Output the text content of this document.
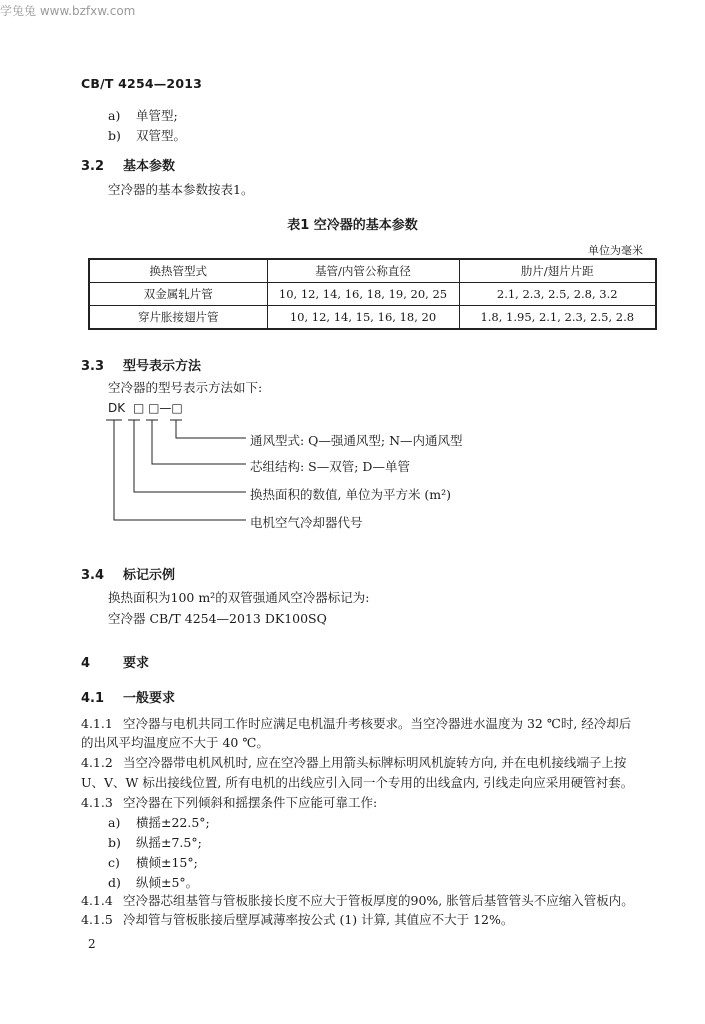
学兔兔 www.bzfxw.com
CB/T 4254—2013
a) 单管型;
b) 双管型。
3.2 基本参数
空冷器的基本参数按表1。
表1 空冷器的基本参数
单位为毫米
换热管型式	基管/内管公称直径	肋片/翅片片距
双金属轧片管	10, 12, 14, 16, 18, 19, 20, 25	2.1, 2.3, 2.5, 2.8, 3.2
穿片胀接翅片管	10, 12, 14, 15, 16, 18, 20	1.8, 1.95, 2.1, 2.3, 2.5, 2.8
3.3 型号表示方法
空冷器的型号表示方法如下:
DK □ □—□
通风型式: Q—强通风型; N—内通风型
芯组结构: S—双管; D—单管
换热面积的数值, 单位为平方米 (m²)
电机空气冷却器代号
3.4 标记示例
换热面积为100 m²的双管强通风空冷器标记为:
空冷器 CB/T 4254—2013 DK100SQ
4	要求
4.1 一般要求
4.1.1 空冷器与电机共同工作时应满足电机温升考核要求。当空冷器进水温度为 32 ℃时, 经冷却后
的出风平均温度应不大于 40 ℃。
4.1.2 当空冷器带电机风机时, 应在空冷器上用箭头标牌标明风机旋转方向, 并在电机接线端子上按
U、V、W 标出接线位置, 所有电机的出线应引入同一个专用的出线盒内, 引线走向应采用硬管衬套。
4.1.3 空冷器在下列倾斜和摇摆条件下应能可靠工作:
a) 横摇±22.5°;
b) 纵摇±7.5°;
c) 横倾±15°;
d) 纵倾±5°。
4.1.4 空冷器芯组基管与管板胀接长度不应大于管板厚度的90%, 胀管后基管管头不应缩入管板内。
4.1.5 冷却管与管板胀接后壁厚减薄率按公式 (1) 计算, 其值应不大于 12%。
2
